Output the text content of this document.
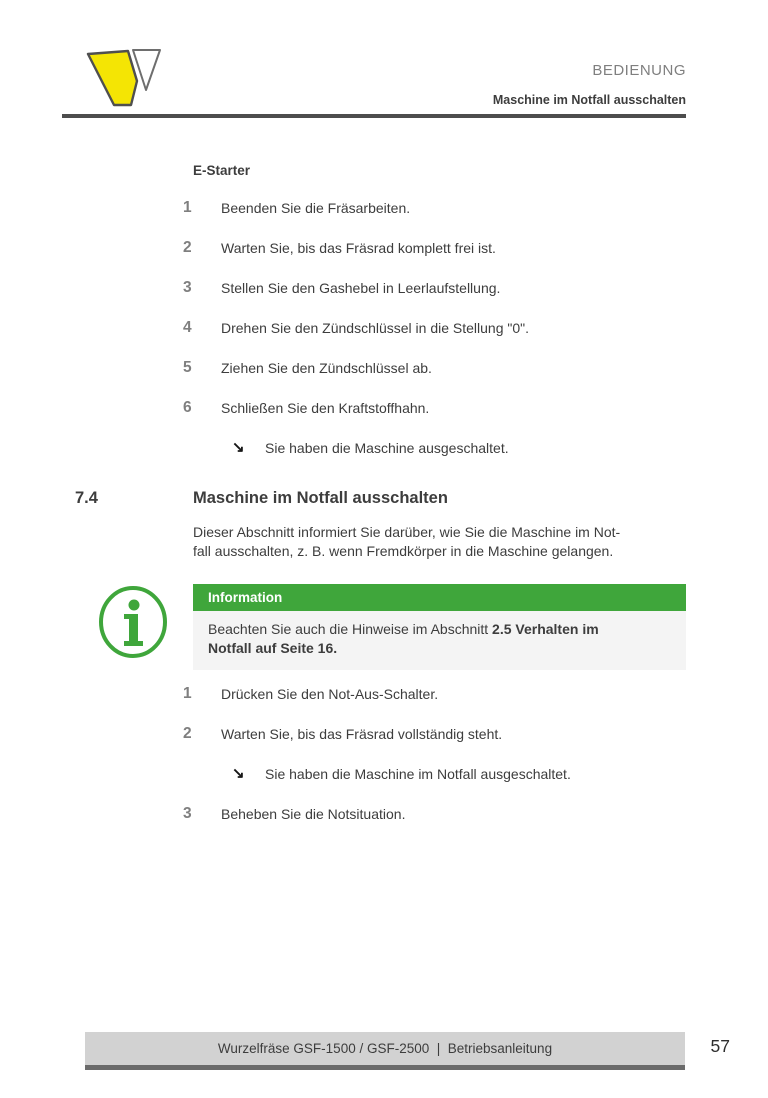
BEDIENUNG
Maschine im Notfall ausschalten
E-Starter
1	Beenden Sie die Fräsarbeiten.
2	Warten Sie, bis das Fräsrad komplett frei ist.
3	Stellen Sie den Gashebel in Leerlaufstellung.
4	Drehen Sie den Zündschlüssel in die Stellung "0".
5	Ziehen Sie den Zündschlüssel ab.
6	Schließen Sie den Kraftstoffhahn.
↘	Sie haben die Maschine ausgeschaltet.
7.4	Maschine im Notfall ausschalten
Dieser Abschnitt informiert Sie darüber, wie Sie die Maschine im Not-
fall ausschalten, z. B. wenn Fremdkörper in die Maschine gelangen.
Information
Beachten Sie auch die Hinweise im Abschnitt 2.5 Verhalten im
Notfall auf Seite 16.
1	Drücken Sie den Not-Aus-Schalter.
2	Warten Sie, bis das Fräsrad vollständig steht.
↘	Sie haben die Maschine im Notfall ausgeschaltet.
3	Beheben Sie die Notsituation.
Wurzelfräse GSF-1500 / GSF-2500  |  Betriebsanleitung	57
